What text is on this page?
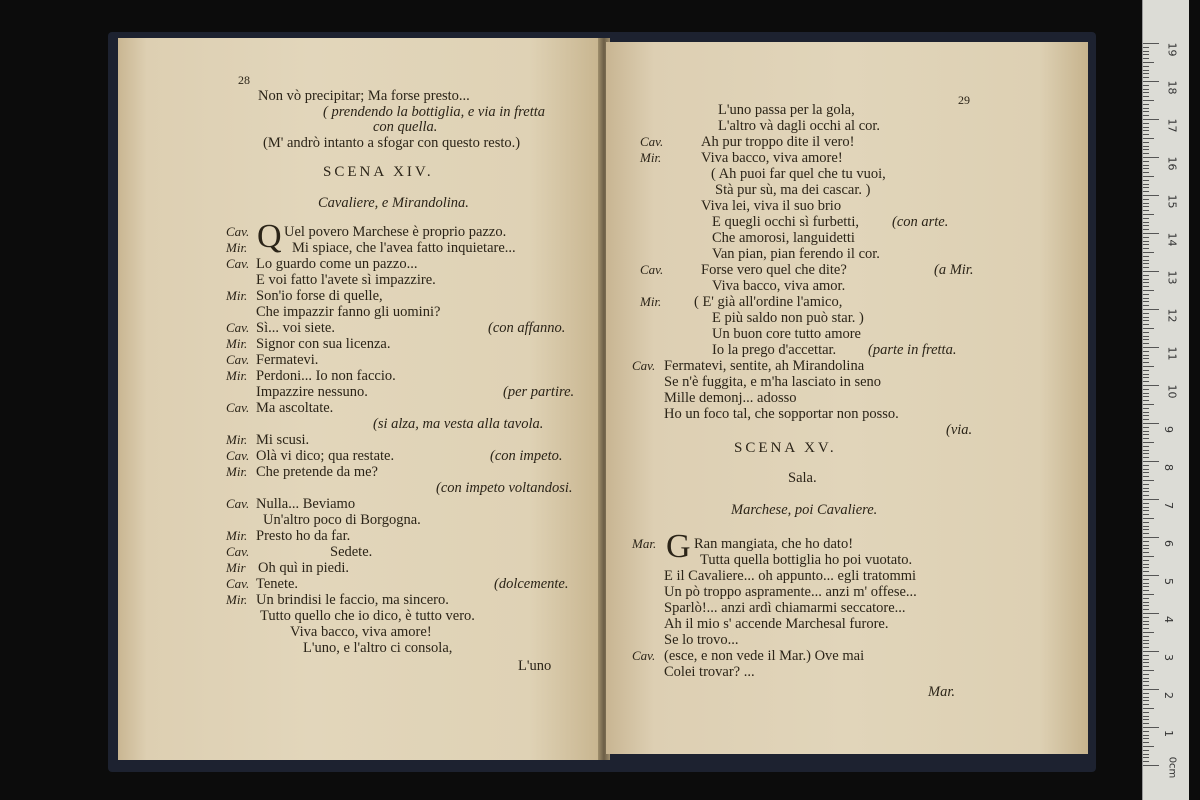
28
Non vò precipitar; Ma forse presto...
( prendendo la bottiglia, e via in fretta
con quella.
(M' andrò intanto a sfogar con questo resto.)
SCENA XIV.
Cavaliere, e Mirandolina.
Cav. Q Uel povero Marchese è proprio pazzo.
Mir.	Mi spiace, che l'avea fatto inquietare...
Cav. Lo guardo come un pazzo...
E voi fatto l'avete sì impazzire.
Mir. Son'io forse di quelle,
Che impazzir fanno gli uomini?
Cav. Sì... voi siete.	(con affanno.
Mir. Signor con sua licenza.
Cav. Fermatevi.
Mir. Perdoni... Io non faccio.
Impazzire nessuno.	(per partire.
Cav. Ma ascoltate.
(si alza, ma vesta alla tavola.
Mir. Mi scusi.
Cav. Olà vi dico; qua restate.	(con impeto.
Mir. Che pretende da me?
(con impeto voltandosi.
Cav. Nulla... Beviamo
Un'altro poco di Borgogna.
Mir. Presto ho da far.
Cav.	Sedete.
Mir Oh quì in piedi.
Cav. Tenete.	(dolcemente.
Mir. Un brindisi le faccio, ma sincero.
Tutto quello che io dico, è tutto vero.
Viva bacco, viva amore!
L'uno, e l'altro ci consola,
L'uno
29
L'uno passa per la gola,
L'altro và dagli occhi al cor.
Cav.	Ah pur troppo dite il vero!
Mir.	Viva bacco, viva amore!
( Ah puoi far quel che tu vuoi,
Stà pur sù, ma dei cascar. )
Viva lei, viva il suo brio
E quegli occhi sì furbetti, (con arte.
Che amorosi, languidetti
Van pian, pian ferendo il cor.
Cav.	Forse vero quel che dite?	(a Mir.
Viva bacco, viva amor.
Mir. ( E' già all'ordine l'amico,
E più saldo non può star. )
Un buon core tutto amore
Io la prego d'accettar. (parte in fretta.
Cav. Fermatevi, sentite, ah Mirandolina
Se n'è fuggita, e m'ha lasciato in seno
Mille demonj... adosso
Ho un foco tal, che sopportar non posso.
(via.
SCENA XV.
Sala.
Marchese, poi Cavaliere.
Mar. G Ran mangiata, che ho dato!
Tutta quella bottiglia ho poi vuotato.
E il Cavaliere... oh appunto... egli tratommi
Un pò troppo aspramente... anzi m' offese...
Sparlò!... anzi ardì chiamarmi seccatore...
Ah il mio s' accende Marchesal furore.
Se lo trovo...
Cav. (esce, e non vede il Mar.) Ove mai
Colei trovar? ...
Mar.
0cm
1
2
3
4
5
6
7
8
9
10
11
12
13
14
15
16
17
18
19
